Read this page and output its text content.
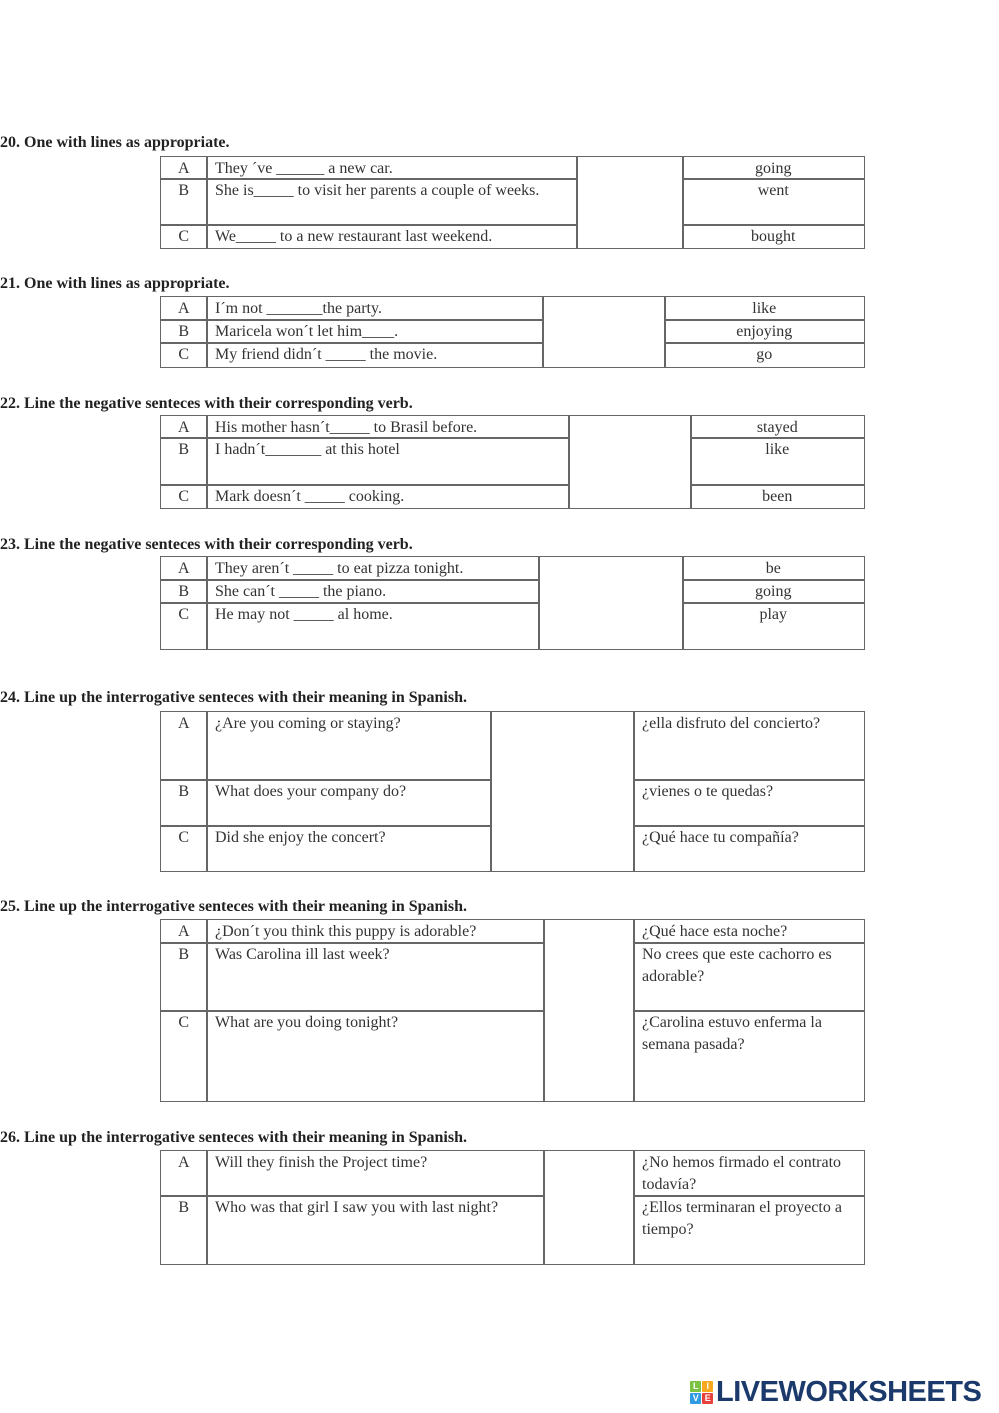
20. One with lines as appropriate.
A	They ´ve ______ a new car.	going
B	She is_____ to visit her parents a couple of weeks.	went
C	We_____ to a new restaurant last weekend.	bought
21. One with lines as appropriate.
A	I´m not _______the party.	like
B	Maricela won´t let him____.	enjoying
C	My friend didn´t _____ the movie.	go
22. Line the negative senteces with their corresponding verb.
A	His mother hasn´t_____ to Brasil before.	stayed
B	I hadn´t_______ at this hotel	like
C	Mark doesn´t _____ cooking.	been
23. Line the negative senteces with their corresponding verb.
A	They aren´t _____ to eat pizza tonight.	be
B	She can´t _____ the piano.	going
C	He may not _____ al home.	play
24. Line up the interrogative senteces with their meaning in Spanish.
A	¿Are you coming or staying?	¿ella disfruto del concierto?
B	What does your company do?	¿vienes o te quedas?
C	Did she enjoy the concert?	¿Qué hace tu compañía?
25. Line up the interrogative senteces with their meaning in Spanish.
A	¿Don´t you think this puppy is adorable?	¿Qué hace esta noche?
B	Was Carolina ill last week?	No crees que este cachorro es adorable?
C	What are you doing tonight?	¿Carolina estuvo enferma la semana pasada?
26. Line up the interrogative senteces with their meaning in Spanish.
A	Will they finish the Project time?	¿No hemos firmado el contrato todavía?
B	Who was that girl I saw you with last night?	¿Ellos terminaran el proyecto a tiempo?
L I
V E LIVEWORKSHEETS
